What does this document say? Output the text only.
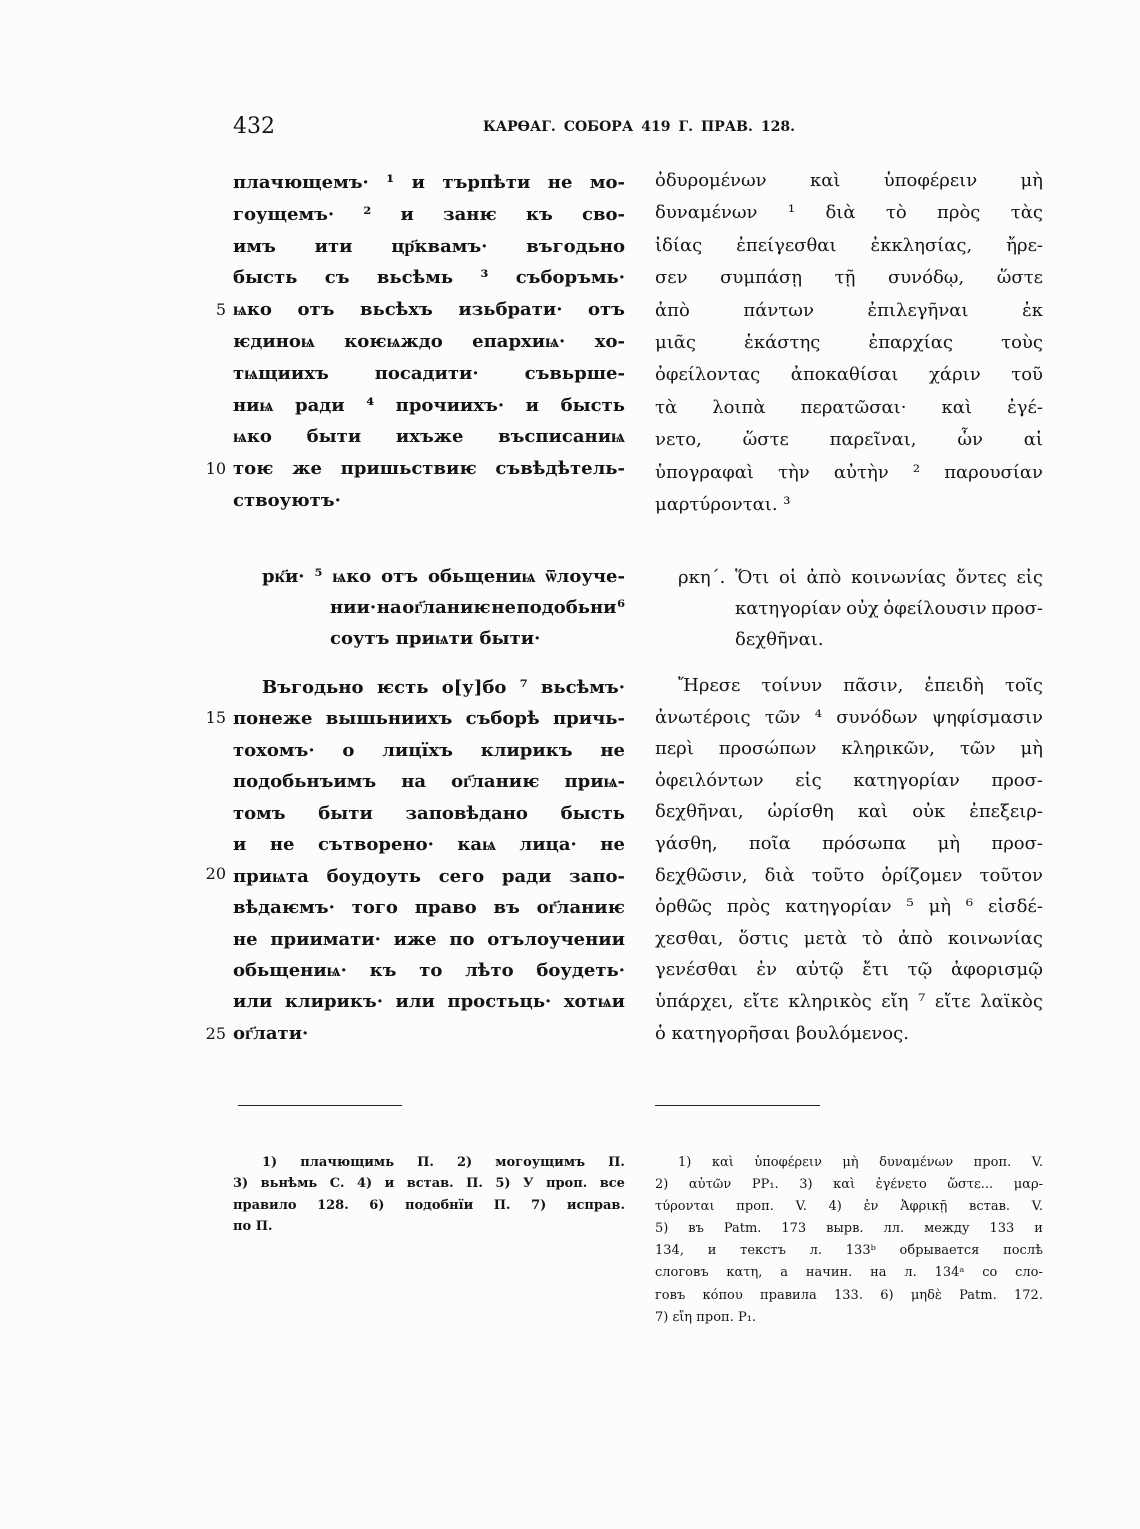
432	КАРѲАГ. СОБОРА 419 Г. ПРАВ. 128.
5
10
15
20
25
плачющемъ· ¹ и търпѣти не мо-
гоущемъ· ² и занѥ къ сво-
имъ ити цр҃квамъ· въгодьно
бысть съ вьсѣмь ³ съборъмь·
ѩко отъ вьсѣхъ изьбрати· отъ
ѥдиноѩ коѥѩждо епархиѩ· хо-
тѩщиихъ	посадити·	съвьрше-
ниѩ ради ⁴ прочиихъ· и бысть
ѩко быти ихъже въсписаниѩ
тоѥ же пришьствиѥ съвѣдѣтель-
ствоуютъ·
рк҃и· ⁵ ѩко отъ обьщениѩ ѿлоуче-
нии· на ог҃ланиѥ не подобьни ⁶
соутъ приѩти быти·
Въгодьно ѥсть о[у]бо ⁷ вьсѣмъ·
понеже вышьниихъ съборѣ причь-
тохомъ· о лицїхъ клирикъ не
подобьнъимъ на ог҃ланиѥ приѩ-
томъ быти заповѣдано бысть
и не сътворено· каѩ лица· не
приѩта боудоуть сего ради запо-
вѣдаѥмъ· того право въ ог҃ланиѥ
не приимати· иже по отълоучении
обьщениѩ· къ то лѣто боудеть·
или клирикъ· или простьць· хотѩи
ог҃лати·
ὀδυρομένων καὶ ὑποφέρειν μὴ
δυναμένων ¹ διὰ τὸ πρὸς τὰς
ἰδίας ἐπείγεσθαι ἐκκλησίας, ἤρε-
σεν συμπάσῃ τῇ συνόδῳ, ὥστε
ἀπὸ	πάντων	ἐπιλεγῆναι	ἐκ
μιᾶς	ἑκάστης	ἐπαρχίας	τοὺς
ὀφείλοντας ἀποκαθίσαι χάριν τοῦ
τὰ λοιπὰ περατῶσαι· καὶ ἐγέ-
νετο, ὥστε παρεῖναι, ὧν αἱ
ὑπογραφαὶ τὴν αὐτὴν ² παρουσίαν
μαρτύρονται. ³
ρκη΄. Ὅτι οἱ ἀπὸ κοινωνίας ὄντες εἰς
κατηγορίαν οὐχ ὀφείλουσιν προσ-
δεχθῆναι.
Ἤρεσε τοίνυν πᾶσιν, ἐπειδὴ τοῖς
ἀνωτέροις τῶν ⁴ συνόδων ψηφίσμασιν
περὶ προσώπων κληρικῶν, τῶν μὴ
ὀφειλόντων εἰς κατηγορίαν προσ-
δεχθῆναι, ὡρίσθη καὶ οὐκ ἐπεξειρ-
γάσθη, ποῖα πρόσωπα μὴ προσ-
δεχθῶσιν, διὰ τοῦτο ὁρίζομεν τοῦτον
ὀρθῶς πρὸς κατηγορίαν ⁵ μὴ ⁶ εἰσδέ-
χεσθαι, ὅστις μετὰ τὸ ἀπὸ κοινωνίας
γενέσθαι ἐν αὐτῷ ἔτι τῷ ἀφορισμῷ
ὑπάρχει, εἴτε κληρικὸς εἴη ⁷ εἴτε λαϊκὸς
ὁ κατηγορῆσαι βουλόμενος.
1) плачющимь П. 2) могоущимъ П.
3) вьнѣмь С. 4) и встав. П. 5) У проп. все
правило 128. 6) подобнїи П. 7) исправ.
по П.
1) καὶ ὑποφέρειν μὴ δυναμένων проп. V.
2) αὐτῶν PP₁. 3) καὶ ἐγένετο ὥστε... μαρ-
τύρονται проп. V. 4) ἐν Ἀφρικῇ встав. V.
5) въ Patm. 173 вырв. лл. между 133 и
134, и текстъ л. 133ᵇ обрывается послѣ
слоговъ κατη, а начин. на л. 134ᵃ со сло-
говъ κόπου правила 133. 6) μηδὲ Patm. 172.
7) εἴη проп. P₁.
